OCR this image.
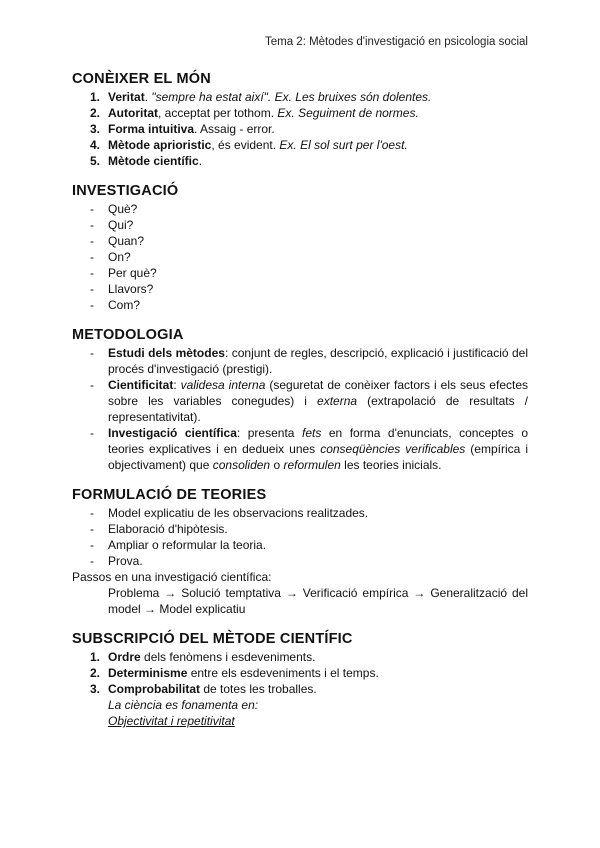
Tema 2: Mètodes d'investigació en psicologia social
CONÈIXER EL MÓN
1. Veritat. "sempre ha estat així". Ex. Les bruixes són dolentes.
2. Autoritat, acceptat per tothom. Ex. Seguiment de normes.
3. Forma intuitiva. Assaig - error.
4. Mètode aprioristic, és evident. Ex. El sol surt per l'oest.
5. Mètode científic.
INVESTIGACIÓ
- Què?
- Qui?
- Quan?
- On?
- Per què?
- Llavors?
- Com?
METODOLOGIA
- Estudi dels mètodes: conjunt de regles, descripció, explicació i justificació del procés d'investigació (prestigi).
- Cientificitat: validesa interna (seguretat de conèixer factors i els seus efectes sobre les variables conegudes) i externa (extrapolació de resultats / representativitat).
- Investigació científica: presenta fets en forma d'enunciats, conceptes o teories explicatives i en dedueix unes conseqüències verificables (empírica i objectivament) que consoliden o reformulen les teories inicials.
FORMULACIÓ DE TEORIES
- Model explicatiu de les observacions realitzades.
- Elaboració d'hipòtesis.
- Ampliar o reformular la teoria.
- Prova.
Passos en una investigació científica:
Problema → Solució temptativa → Verificació empírica → Generalització del model → Model explicatiu
SUBSCRIPCIÓ DEL MÈTODE CIENTÍFIC
1. Ordre dels fenòmens i esdeveniments.
2. Determinisme entre els esdeveniments i el temps.
3. Comprobabilitat de totes les troballes.
La ciència es fonamenta en:
Objectivitat i repetitivitat
